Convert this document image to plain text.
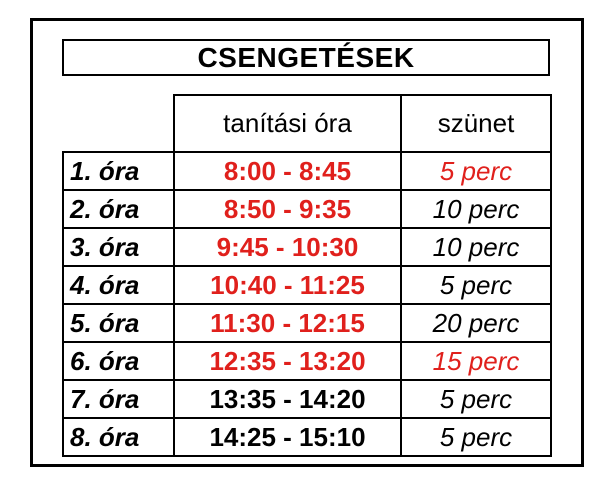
CSENGETÉSEK
	tanítási óra	szünet
1. óra	8:00 - 8:45	5 perc
2. óra	8:50 - 9:35	10 perc
3. óra	9:45 - 10:30	10 perc
4. óra	10:40 - 11:25	5 perc
5. óra	11:30 - 12:15	20 perc
6. óra	12:35 - 13:20	15 perc
7. óra	13:35 - 14:20	5 perc
8. óra	14:25 - 15:10	5 perc
